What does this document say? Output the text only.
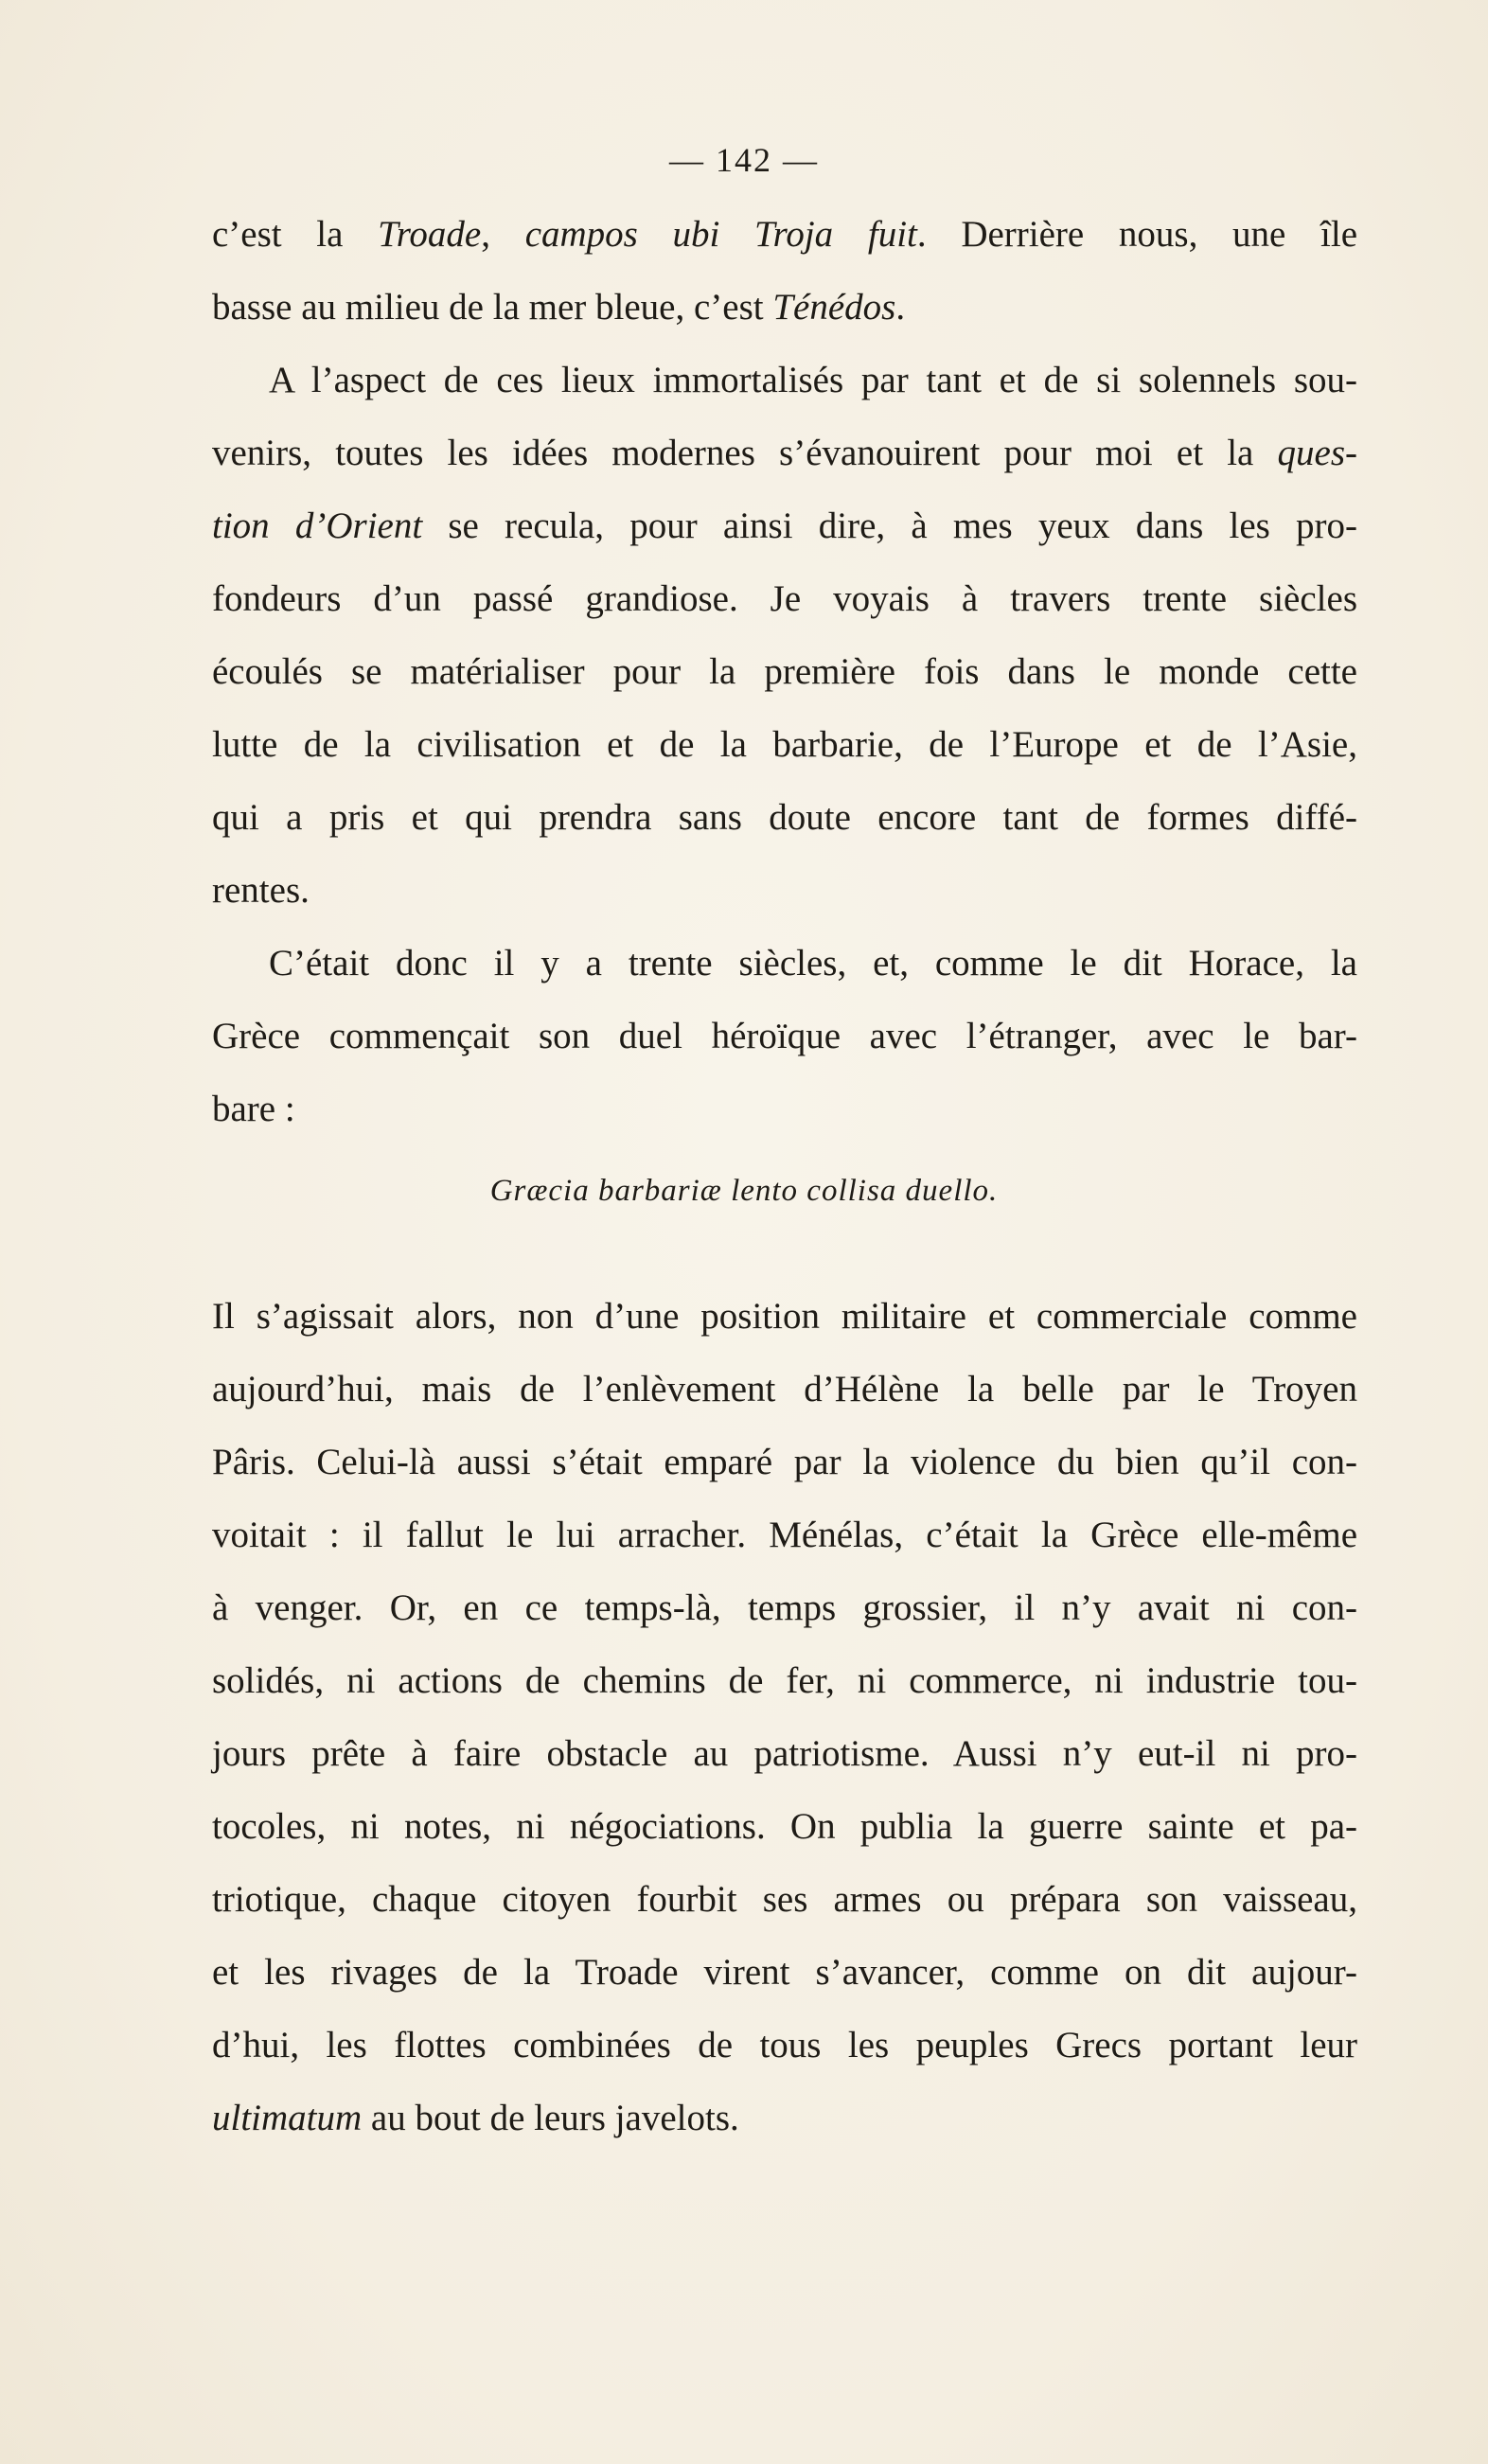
— 142 —
c’est la Troade, campos ubi Troja fuit. Derrière nous, une île
basse au milieu de la mer bleue, c’est Ténédos.
A l’aspect de ces lieux immortalisés par tant et de si solennels sou-
venirs, toutes les idées modernes s’évanouirent pour moi et la ques-
tion d’Orient se recula, pour ainsi dire, à mes yeux dans les pro-
fondeurs d’un passé grandiose. Je voyais à travers trente siècles
écoulés se matérialiser pour la première fois dans le monde cette
lutte de la civilisation et de la barbarie, de l’Europe et de l’Asie,
qui a pris et qui prendra sans doute encore tant de formes diffé-
rentes.
C’était donc il y a trente siècles, et, comme le dit Horace, la
Grèce commençait son duel héroïque avec l’étranger, avec le bar-
bare :
Græcia barbariæ lento collisa duello.
Il s’agissait alors, non d’une position militaire et commerciale comme
aujourd’hui, mais de l’enlèvement d’Hélène la belle par le Troyen
Pâris. Celui-là aussi s’était emparé par la violence du bien qu’il con-
voitait : il fallut le lui arracher. Ménélas, c’était la Grèce elle-même
à venger. Or, en ce temps-là, temps grossier, il n’y avait ni con-
solidés, ni actions de chemins de fer, ni commerce, ni industrie tou-
jours prête à faire obstacle au patriotisme. Aussi n’y eut-il ni pro-
tocoles, ni notes, ni négociations. On publia la guerre sainte et pa-
triotique, chaque citoyen fourbit ses armes ou prépara son vaisseau,
et les rivages de la Troade virent s’avancer, comme on dit aujour-
d’hui, les flottes combinées de tous les peuples Grecs portant leur
ultimatum au bout de leurs javelots.
